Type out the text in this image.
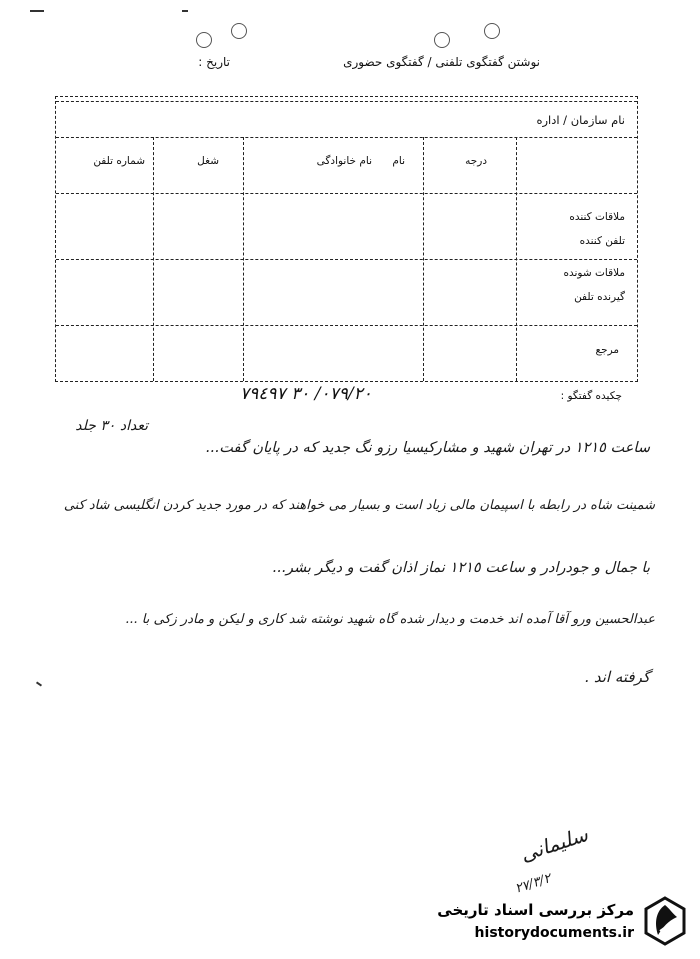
نوشتن گفتگوی تلفنی / گفتگوی حضوری
تاریخ :
نام سازمان / اداره
درجه
نام
نام خانوادگی
شغل
شماره تلفن
ملاقات کننده
تلفن کننده
ملاقات شونده
گیرنده تلفن
مرجع
چکیده گفتگو :
٠٧٩/٢٠/ ٣٠ ٧٩٤٩٧
تعداد ٣٠ جلد
ساعت ١٢١٥ در تهران شهید و مشارکیسیا رزو نگ جدید که در پایان گفت...
شمینت شاه در رابطه با اسپیمان مالی زیاد است و بسیار می خواهند که در مورد جدید کردن انگلیسی شاد کنی
با جمال و جودرادر و ساعت ١٢١٥ نماز اذان گفت و دیگر بشر...
عبدالحسین ورو آقا آمده اند خدمت و دیدار شده گاه شهید نوشته شد کاری و لیکن و مادر زکی با ...
گرفته اند .
سلیمانی
٢٧/٣/٢
مرکز بررسی اسناد تاریخی
historydocuments.ir
